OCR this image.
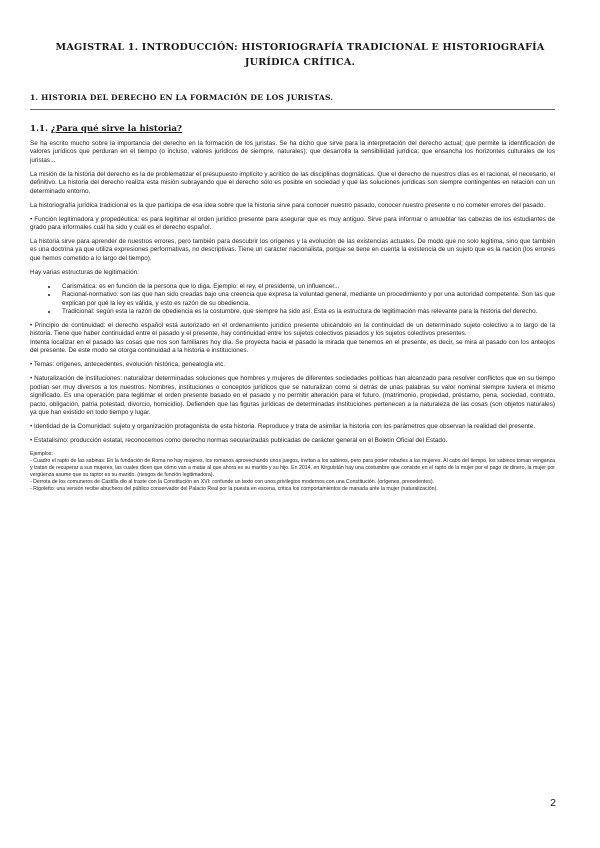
MAGISTRAL 1. INTRODUCCIÓN: HISTORIOGRAFÍA TRADICIONAL E HISTORIOGRAFÍA JURÍDICA CRÍTICA.
1. HISTORIA DEL DERECHO EN LA FORMACIÓN DE LOS JURISTAS.
1.1. ¿Para qué sirve la historia?

Se ha escrito mucho sobre la importancia del derecho en la formación de los juristas. Se ha dicho que sirve para la interpretación del derecho actual; que permite la identificación de valores jurídicos que perduran en el tiempo (o incluso, valores jurídicos de siempre, naturales); que desarrolla la sensibilidad jurídica; que ensancha los horizontes culturales de los juristas...

La misión de la historia del derecho es la de problematizar el presupuesto implícito y acrítico de las disciplinas dogmáticas. Que el derecho de nuestros días es el racional, el necesario, el definitivo. La historia del derecho realiza esta misión subrayando que el derecho sólo es posible en sociedad y que las soluciones jurídicas son siempre contingentes en relación con un determinado entorno.

La historiografía jurídica tradicional es la que participa de esa idea sobre que la historia sirve para conocer nuestro pasado, conocer nuestro presente o no cometer errores del pasado.

• Función legitimadora y propedéutica: es para legitimar el orden jurídico presente para asegurar que es muy antiguo. Sirve para informar o amueblar las cabezas de los estudiantes de grado para informales cuál ha sido y cuál es el derecho español.

La historia sirve para aprender de nuestros errores, pero también para descubrir los orígenes y la evolución de las existencias actuales. De modo que no solo legitima, sino que también es una doctrina ya que utiliza expresiones performativas, no descriptivas. Tiene un carácter nacionalista, porque se tiene en cuenta la existencia de un sujeto que es la nación (los errores que hemos cometido a lo largo del tiempo).

Hay varias estructuras de legitimación:

• Carismática: es en función de la persona que lo diga. Ejemplo: el rey, el presidente, un influencer...
• Racional-normativo: son las que han sido creadas bajo una creencia que expresa la voluntad general, mediante un procedimiento y por una autoridad competente. Son las que explican por qué la ley es válida, y esto es razón de su obediencia.
• Tradicional: según esta la razón de obediencia es la costumbre, que siempre ha sido así. Esta es la estructura de legitimación más relevante para la historia del derecho.

• Principio de continuidad: el derecho español está autorizado en el ordenamiento jurídico presente ubicándolo en la continuidad de un determinado sujeto colectivo a lo largo de la historia. Tiene que haber continuidad entre el pasado y el presente, hay continuidad entre los sujetos colectivos pasados y los sujetos colectivos presentes.

Intenta localizar en el pasado las cosas que nos son familiares hoy día. Se proyecta hacia el pasado la mirada que tenemos en el presente, es decir, se mira al pasado con los anteojos del presente. De este modo se otorga continuidad a la historia e instituciones.

• Temas: orígenes, antecedentes, evolución histórica, genealogía etc.

• Naturalización de instituciones: naturalizar determinadas soluciones que hombres y mujeres de diferentes sociedades políticas han alcanzado para resolver conflictos que en su tiempo podían ser muy diversos a los nuestros. Nombres, instituciones o conceptos jurídicos que se naturalizan como si detrás de unas palabras su valor nominal siempre tuviera el mismo significado. Es una operación para legitimar el orden presente basado en el pasado y no permitir alteración para el futuro. (matrimonio, propiedad, préstamo, pena, sociedad, contrato, pacto, obligación, patria potestad, divorcio, homicidio). Defienden que las figuras jurídicas de determinadas instituciones pertenecen a la naturaleza de las cosas (son objetos naturales) ya que han existido en todo tiempo y lugar.

• Identidad de la Comunidad: sujeto y organización protagonista de esta historia. Reproduce y trata de asimilar la historia con los parámetros que observan la realidad del presente.

• Estatalismo: producción estatal, reconocemos como derecho normas secularizadas publicadas de carácter general en el Boletín Oficial del Estado.

Ejemplos:

- Cuadro el rapto de las sabinas: En la fundación de Roma no hay mujeres, los romanos aprovechando unos juegos, invitan a los sabinos, pero para poder robarles a las mujeres. Al cabo del tiempo, los sabinos toman venganza y tratan de recuperar a sus mujeres, las cuales dicen que cómo van a matar al que ahora es su marido y su hijo. En 2014, en Kirguistán hay una costumbre que consiste en el rapto de la mujer por el pago de dinero, la mujer por vergüenza asume que su raptor es su marido. (riesgos de función legitimadora).

- Derrota de los comuneros de Castilla dio al traste con la Constitución en XVI: confunde un texto con unos privilegios modernos con una Constitución. (orígenes, precedentes).

- Rigoletto: una versión recibe abucheos del público conservador del Palacio Real por la puesta en escena, critica los comportamientos de manada ante la mujer (naturalización).

2
